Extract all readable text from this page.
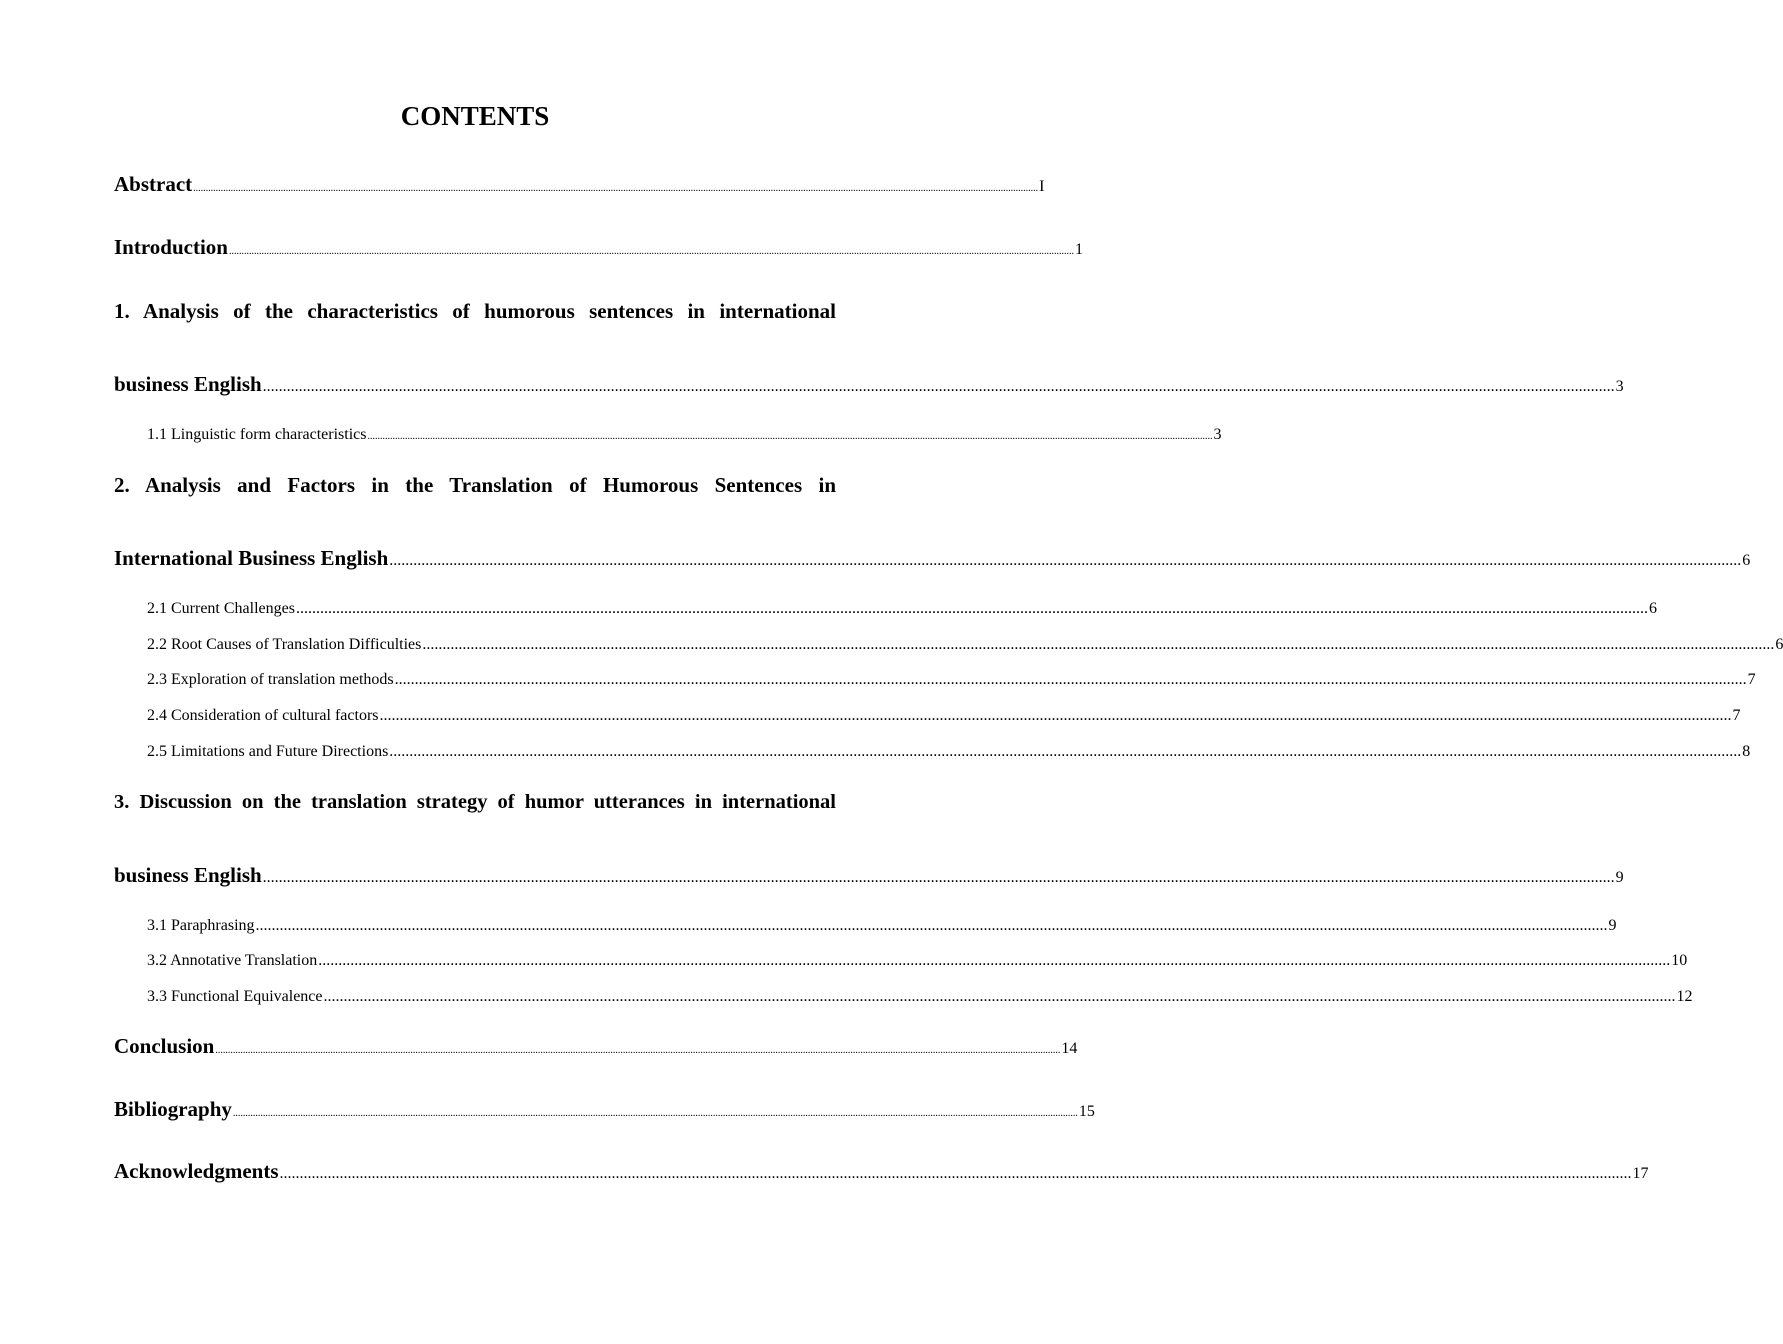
CONTENTS
Abstract .................................................................................................................................................................................................................................................................................................................................................. I
Introduction .................................................................................................................................................................................................................................................................................................................................................. 1
1. Analysis of the characteristics of humorous sentences in international
business English .................................................................................................................................................................................................................................................................................................................................................. 3
1.1 Linguistic form characteristics .................................................................................................................................................................................................................................................................................................................................................. 3
2. Analysis and Factors in the Translation of Humorous Sentences in
International Business English .................................................................................................................................................................................................................................................................................................................................................. 6
2.1 Current Challenges .................................................................................................................................................................................................................................................................................................................................................. 6
2.2 Root Causes of Translation Difficulties .................................................................................................................................................................................................................................................................................................................................................. 6
2.3 Exploration of translation methods .................................................................................................................................................................................................................................................................................................................................................. 7
2.4 Consideration of cultural factors .................................................................................................................................................................................................................................................................................................................................................. 7
2.5 Limitations and Future Directions .................................................................................................................................................................................................................................................................................................................................................. 8
3. Discussion on the translation strategy of humor utterances in international
business English .................................................................................................................................................................................................................................................................................................................................................. 9
3.1 Paraphrasing .................................................................................................................................................................................................................................................................................................................................................. 9
3.2 Annotative Translation .................................................................................................................................................................................................................................................................................................................................................. 10
3.3 Functional Equivalence .................................................................................................................................................................................................................................................................................................................................................. 12
Conclusion .................................................................................................................................................................................................................................................................................................................................................. 14
Bibliography .................................................................................................................................................................................................................................................................................................................................................. 15
Acknowledgments .................................................................................................................................................................................................................................................................................................................................................. 17
